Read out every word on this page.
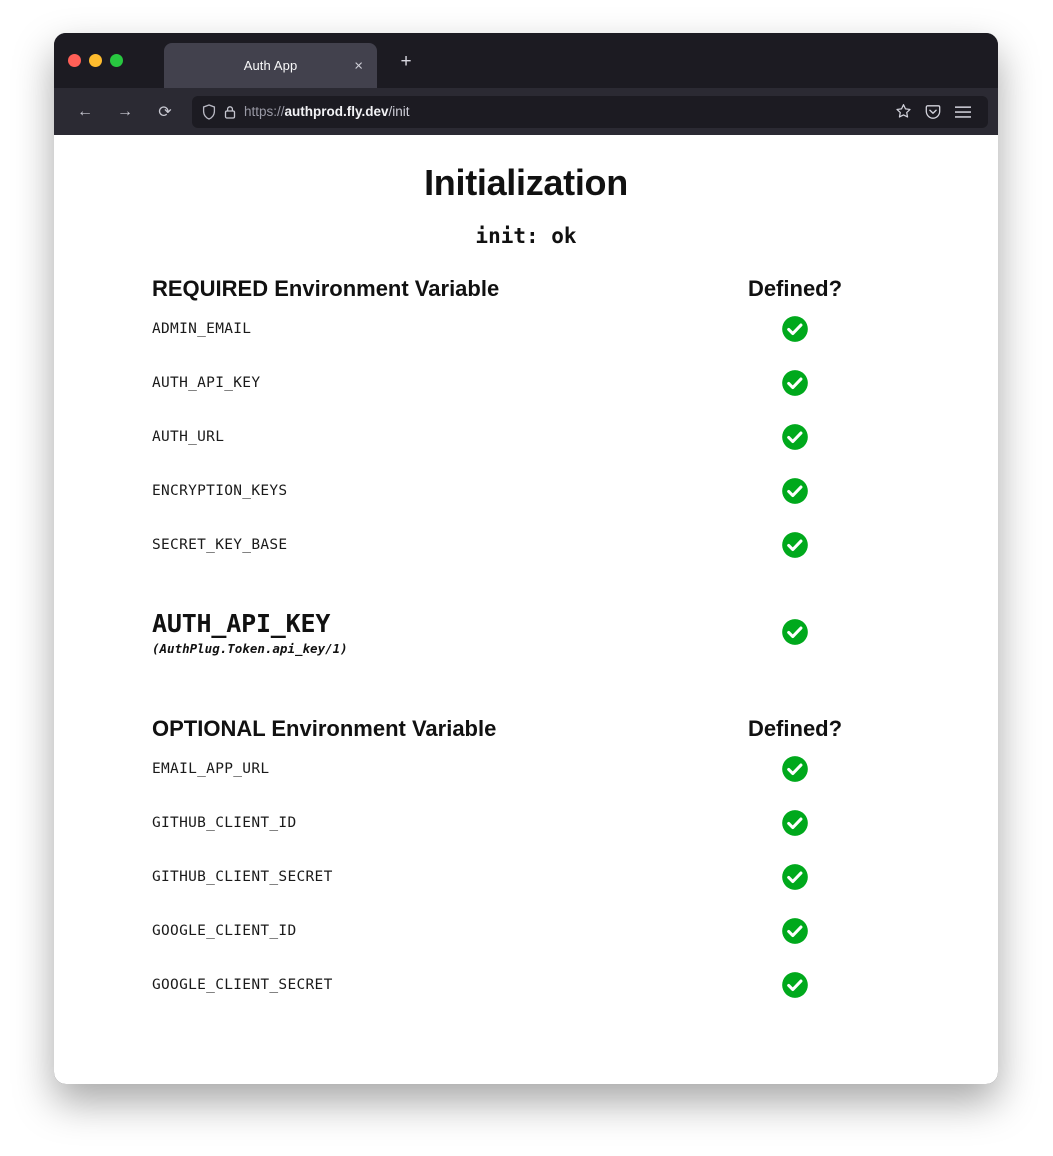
Auth App	×	+
←	→	⟳	https://authprod.fly.dev/init
Initialization
init: ok
REQUIRED Environment Variable	Defined?
ADMIN_EMAIL
AUTH_API_KEY
AUTH_URL
ENCRYPTION_KEYS
SECRET_KEY_BASE
AUTH_API_KEY
(AuthPlug.Token.api_key/1)
OPTIONAL Environment Variable	Defined?
EMAIL_APP_URL
GITHUB_CLIENT_ID
GITHUB_CLIENT_SECRET
GOOGLE_CLIENT_ID
GOOGLE_CLIENT_SECRET
